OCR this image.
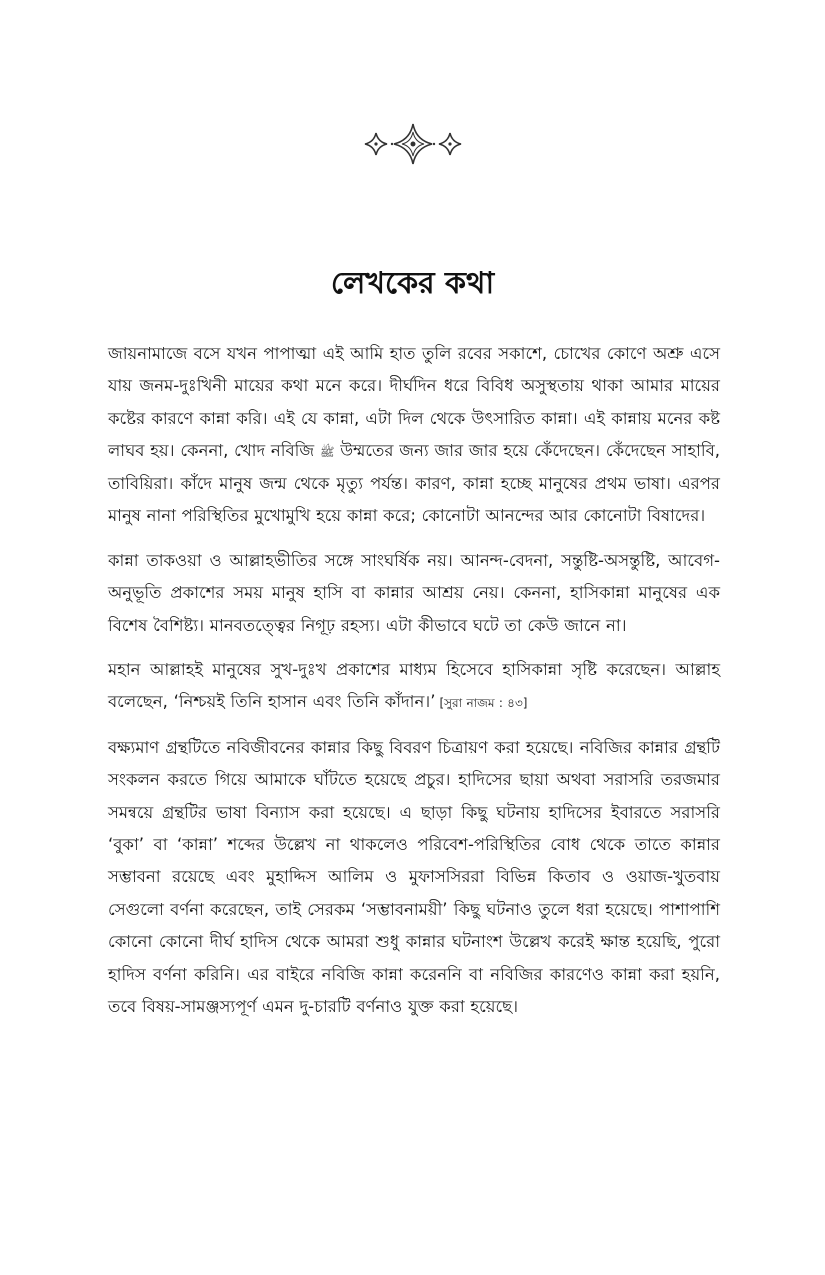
লেখকের কথা

জায়নামাজে বসে যখন পাপাত্মা এই আমি হাত তুলি রবের সকাশে, চোখের কোণে অশ্রু এসে যায় জনম-দুঃখিনী মায়ের কথা মনে করে। দীর্ঘদিন ধরে বিবিধ অসুস্থতায় থাকা আমার মায়ের কষ্টের কারণে কান্না করি। এই যে কান্না, এটা দিল থেকে উৎসারিত কান্না। এই কান্নায় মনের কষ্ট লাঘব হয়। কেননা, খোদ নবিজি ﷺ উম্মতের জন্য জার জার হয়ে কেঁদেছেন। কেঁদেছেন সাহাবি, তাবিয়িরা। কাঁদে মানুষ জন্ম থেকে মৃত্যু পর্যন্ত। কারণ, কান্না হচ্ছে মানুষের প্রথম ভাষা। এরপর মানুষ নানা পরিস্থিতির মুখোমুখি হয়ে কান্না করে; কোনোটা আনন্দের আর কোনোটা বিষাদের।

কান্না তাকওয়া ও আল্লাহভীতির সঙ্গে সাংঘর্ষিক নয়। আনন্দ-বেদনা, সন্তুষ্টি-অসন্তুষ্টি, আবেগ-অনুভূতি প্রকাশের সময় মানুষ হাসি বা কান্নার আশ্রয় নেয়। কেননা, হাসিকান্না মানুষের এক বিশেষ বৈশিষ্ট্য। মানবতত্ত্বের নিগূঢ় রহস্য। এটা কীভাবে ঘটে তা কেউ জানে না।

মহান আল্লাহই মানুষের সুখ-দুঃখ প্রকাশের মাধ্যম হিসেবে হাসিকান্না সৃষ্টি করেছেন। আল্লাহ বলেছেন, ‘নিশ্চয়ই তিনি হাসান এবং তিনি কাঁদান।’ [সুরা নাজম : ৪৩]

বক্ষ্যমাণ গ্রন্থটিতে নবিজীবনের কান্নার কিছু বিবরণ চিত্রায়ণ করা হয়েছে। নবিজির কান্নার গ্রন্থটি সংকলন করতে গিয়ে আমাকে ঘাঁটতে হয়েছে প্রচুর। হাদিসের ছায়া অথবা সরাসরি তরজমার সমন্বয়ে গ্রন্থটির ভাষা বিন্যাস করা হয়েছে। এ ছাড়া কিছু ঘটনায় হাদিসের ইবারতে সরাসরি ‘বুকা’ বা ‘কান্না’ শব্দের উল্লেখ না থাকলেও পরিবেশ-পরিস্থিতির বোধ থেকে তাতে কান্নার সম্ভাবনা রয়েছে এবং মুহাদ্দিস আলিম ও মুফাসসিররা বিভিন্ন কিতাব ও ওয়াজ-খুতবায় সেগুলো বর্ণনা করেছেন, তাই সেরকম ‘সম্ভাবনাময়ী’ কিছু ঘটনাও তুলে ধরা হয়েছে। পাশাপাশি কোনো কোনো দীর্ঘ হাদিস থেকে আমরা শুধু কান্নার ঘটনাংশ উল্লেখ করেই ক্ষান্ত হয়েছি, পুরো হাদিস বর্ণনা করিনি। এর বাইরে নবিজি কান্না করেননি বা নবিজির কারণেও কান্না করা হয়নি, তবে বিষয়-সামঞ্জস্যপূর্ণ এমন দু-চারটি বর্ণনাও যুক্ত করা হয়েছে।
